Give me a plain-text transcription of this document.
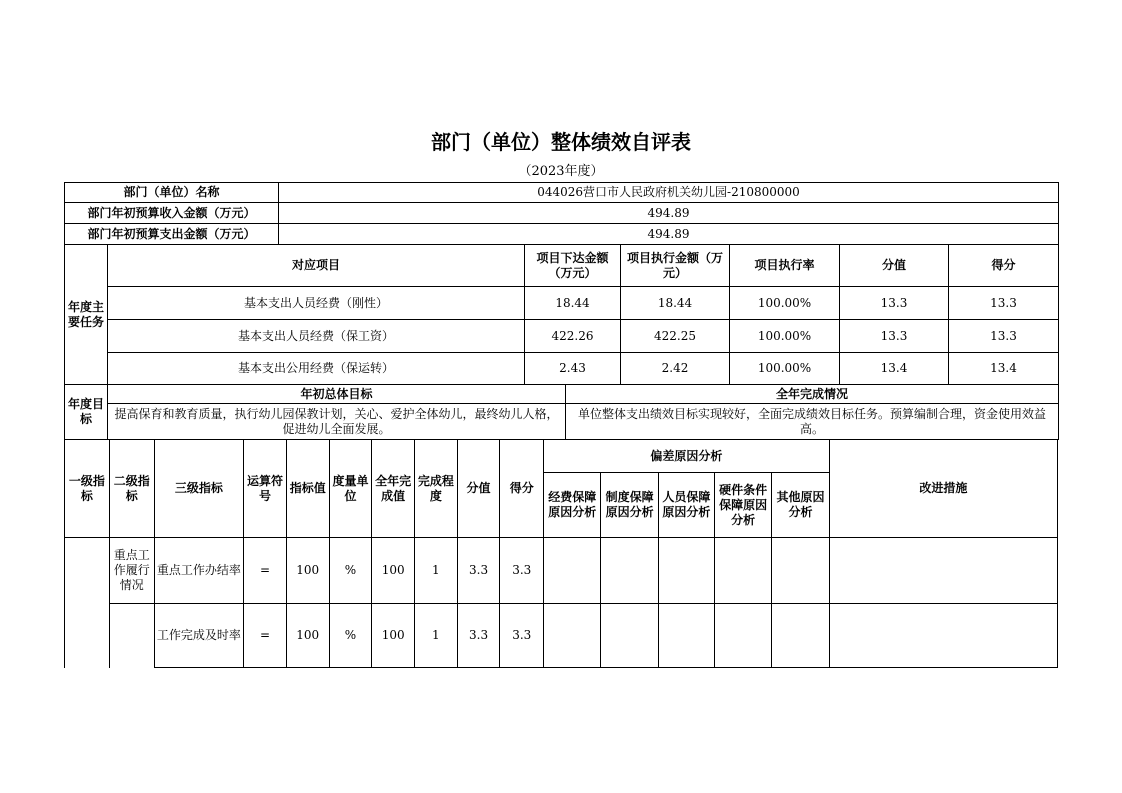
部门（单位）整体绩效自评表
（2023年度）
部门（单位）名称		044026营口市人民政府机关幼儿园-210800000					
部门年初预算收入金额（万元）		494.89					
部门年初预算支出金额（万元）		494.89					
年度主要任务	对应项目		项目下达金额（万元）	项目执行金额（万元）	项目执行率	分值	得分
	基本支出人员经费（刚性）		18.44	18.44	100.00%	13.3	13.3
	基本支出人员经费（保工资）		422.26	422.25	100.00%	13.3	13.3
	基本支出公用经费（保运转）		2.43	2.42	100.00%	13.4	13.4
年度目标	年初总体目标	全年完成情况
	提高保育和教育质量，执行幼儿园保教计划，关心、爱护全体幼儿，最终幼儿人格，促进幼儿全面发展。	单位整体支出绩效目标实现较好，全面完成绩效目标任务。预算编制合理，资金使用效益高。
一级指标	二级指标	三级指标	运算符号	指标值	度量单位	全年完成值	完成程度	分值	得分	偏差原因分析					改进措施
										经费保障原因分析	制度保障原因分析	人员保障原因分析	硬件条件保障原因分析	其他原因分析	
	重点工作履行情况	重点工作办结率	=	100	%	100	1	3.3	3.3						
		工作完成及时率	=	100	%	100	1	3.3	3.3						
